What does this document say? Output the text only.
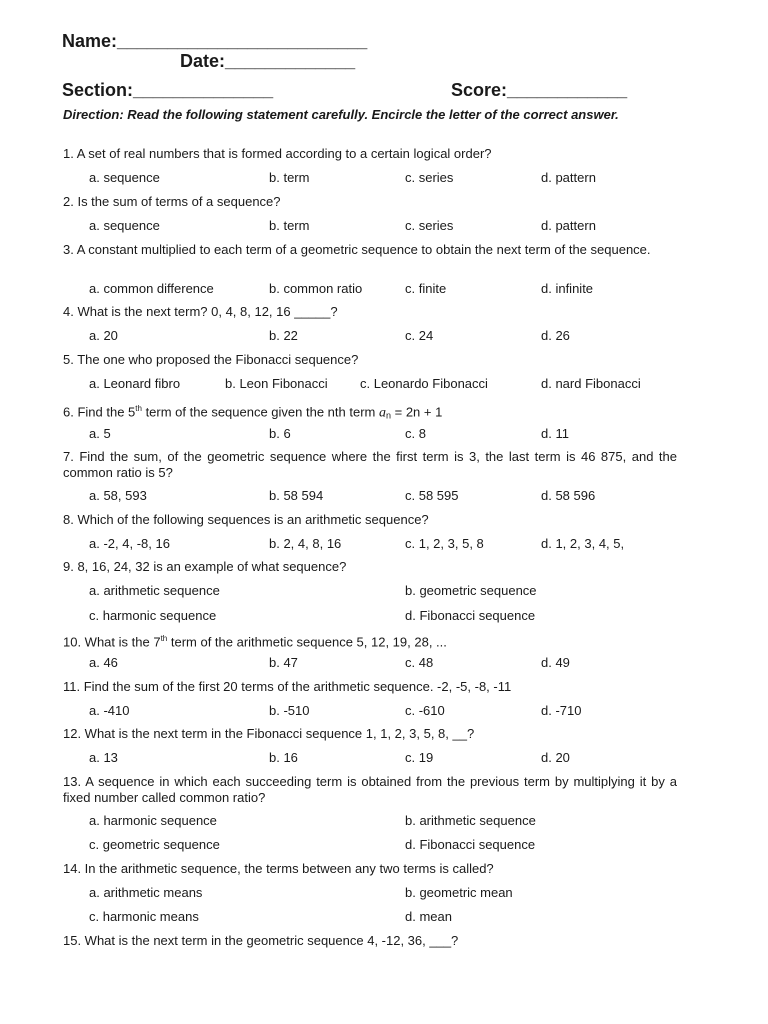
Name:_________________________
Date:_____________
Section:______________	Score:____________
Direction: Read the following statement carefully. Encircle the letter of the correct answer.
1. A set of real numbers that is formed according to a certain logical order?
a. sequence	b. term	c. series	d. pattern
2. Is the sum of terms of a sequence?
a. sequence	b. term	c. series	d. pattern
3. A constant multiplied to each term of a geometric sequence to obtain the next term of the sequence.
a. common difference	b. common ratio	c. finite	d. infinite
4. What is the next term? 0, 4, 8, 12, 16 _____?
a. 20	b. 22	c. 24	d. 26
5. The one who proposed the Fibonacci sequence?
a. Leonard fibro	b. Leon Fibonacci c. Leonardo Fibonacci	d. nard Fibonacci
6. Find the 5th term of the sequence given the nth term $a_n = 2n + 1$
a. 5	b. 6	c. 8	d. 11
7. Find the sum, of the geometric sequence where the first term is 3, the last term is 46 875, and the common ratio is 5?
a. 58, 593	b. 58 594	c. 58 595	d. 58 596
8. Which of the following sequences is an arithmetic sequence?
a. -2, 4, -8, 16	b. 2, 4, 8, 16	c. 1, 2, 3, 5, 8	d. 1, 2, 3, 4, 5,
9. 8, 16, 24, 32 is an example of what sequence?
a. arithmetic sequence	b. geometric sequence
c. harmonic sequence	d. Fibonacci sequence
10. What is the 7th term of the arithmetic sequence 5, 12, 19, 28, ...
a. 46	b. 47	c. 48	d. 49
11. Find the sum of the first 20 terms of the arithmetic sequence. -2, -5, -8, -11
a. -410	b. -510	c. -610	d. -710
12. What is the next term in the Fibonacci sequence 1, 1, 2, 3, 5, 8, __?
a. 13	b. 16	c. 19	d. 20
13. A sequence in which each succeeding term is obtained from the previous term by multiplying it by a fixed number called common ratio?
a. harmonic sequence	b. arithmetic sequence
c. geometric sequence	d. Fibonacci sequence
14. In the arithmetic sequence, the terms between any two terms is called?
a. arithmetic means	b. geometric mean
c. harmonic means	d. mean
15. What is the next term in the geometric sequence 4, -12, 36, ___?
